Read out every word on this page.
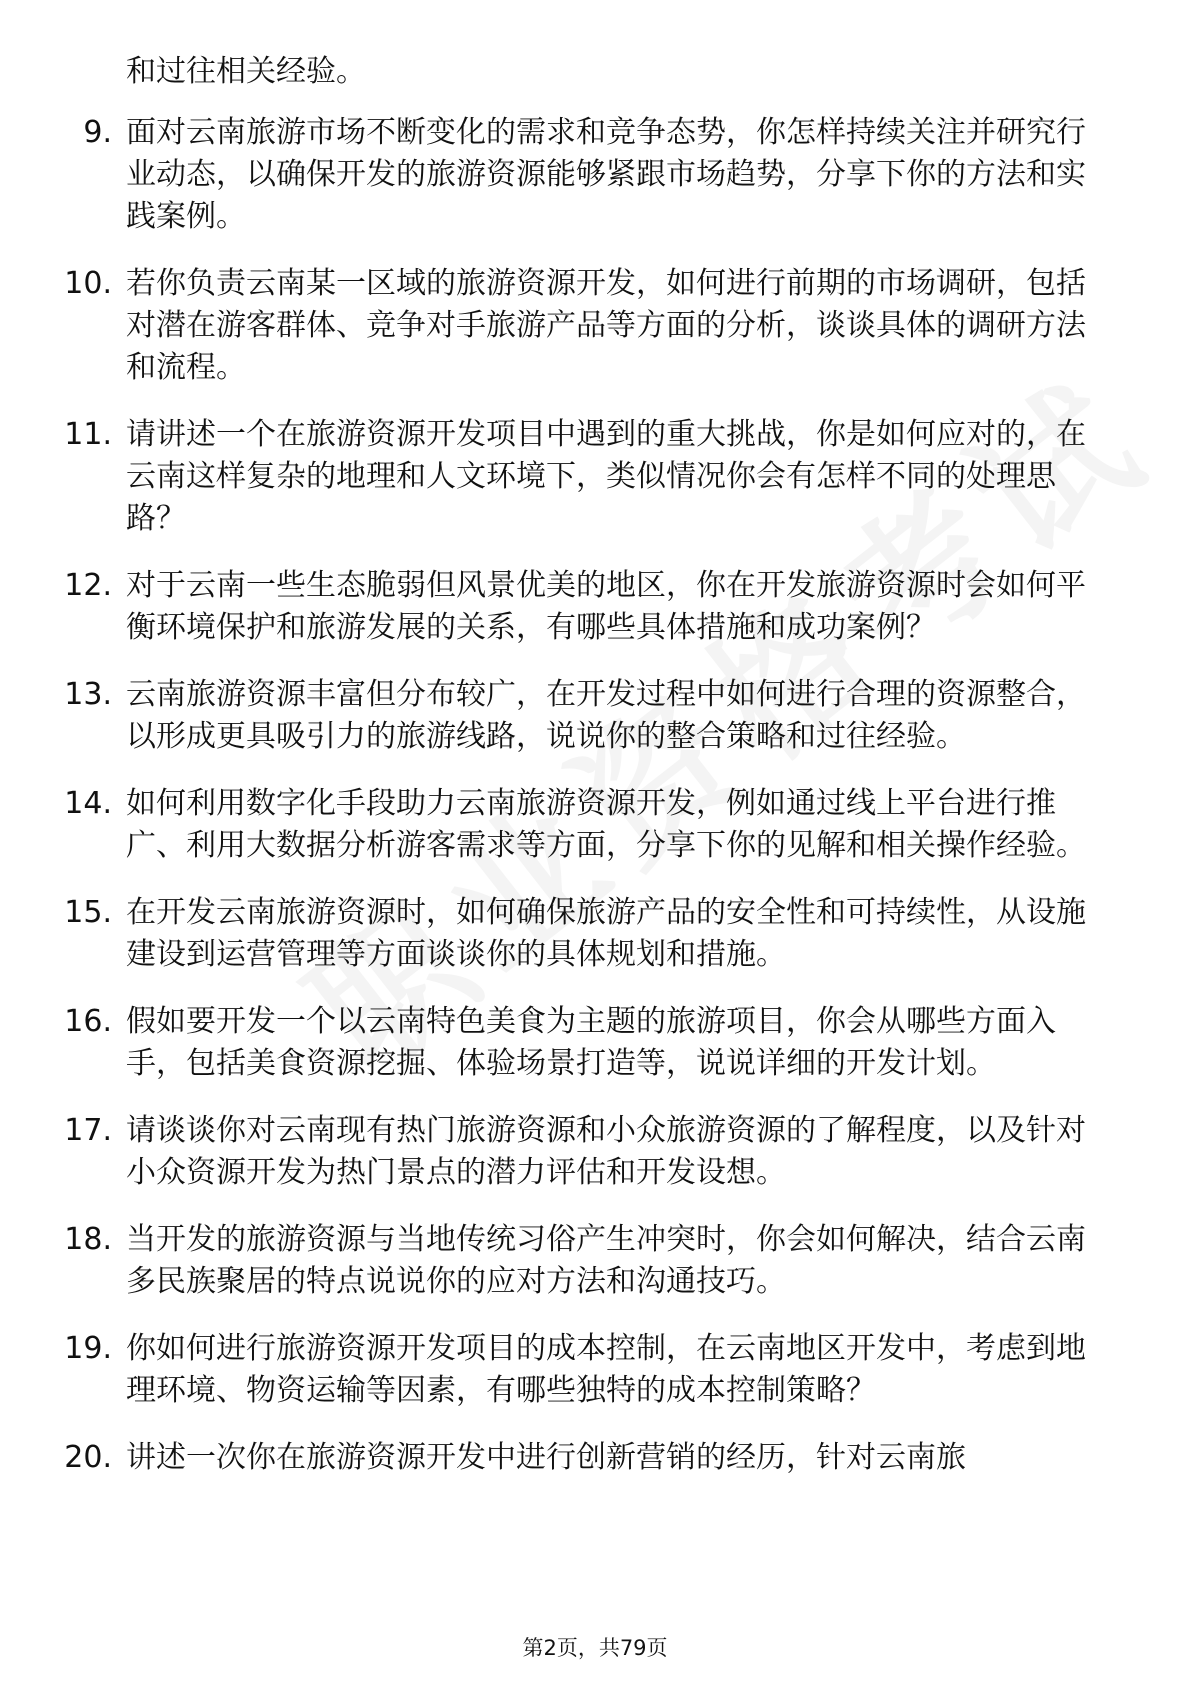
和过往相关经验。

9. 面对云南旅游市场不断变化的需求和竞争态势，你怎样持续关注并研究行业动态，以确保开发的旅游资源能够紧跟市场趋势，分享下你的方法和实践案例。
10. 若你负责云南某一区域的旅游资源开发，如何进行前期的市场调研，包括对潜在游客群体、竞争对手旅游产品等方面的分析，谈谈具体的调研方法和流程。
11. 请讲述一个在旅游资源开发项目中遇到的重大挑战，你是如何应对的，在云南这样复杂的地理和人文环境下，类似情况你会有怎样不同的处理思路？
12. 对于云南一些生态脆弱但风景优美的地区，你在开发旅游资源时会如何平衡环境保护和旅游发展的关系，有哪些具体措施和成功案例？
13. 云南旅游资源丰富但分布较广，在开发过程中如何进行合理的资源整合，以形成更具吸引力的旅游线路，说说你的整合策略和过往经验。
14. 如何利用数字化手段助力云南旅游资源开发，例如通过线上平台进行推广、利用大数据分析游客需求等方面，分享下你的见解和相关操作经验。
15. 在开发云南旅游资源时，如何确保旅游产品的安全性和可持续性，从设施建设到运营管理等方面谈谈你的具体规划和措施。
16. 假如要开发一个以云南特色美食为主题的旅游项目，你会从哪些方面入手，包括美食资源挖掘、体验场景打造等，说说详细的开发计划。
17. 请谈谈你对云南现有热门旅游资源和小众旅游资源的了解程度，以及针对小众资源开发为热门景点的潜力评估和开发设想。
18. 当开发的旅游资源与当地传统习俗产生冲突时，你会如何解决，结合云南多民族聚居的特点说说你的应对方法和沟通技巧。
19. 你如何进行旅游资源开发项目的成本控制，在云南地区开发中，考虑到地理环境、物资运输等因素，有哪些独特的成本控制策略？
20. 讲述一次你在旅游资源开发中进行创新营销的经历，针对云南旅
第2页，共79页
